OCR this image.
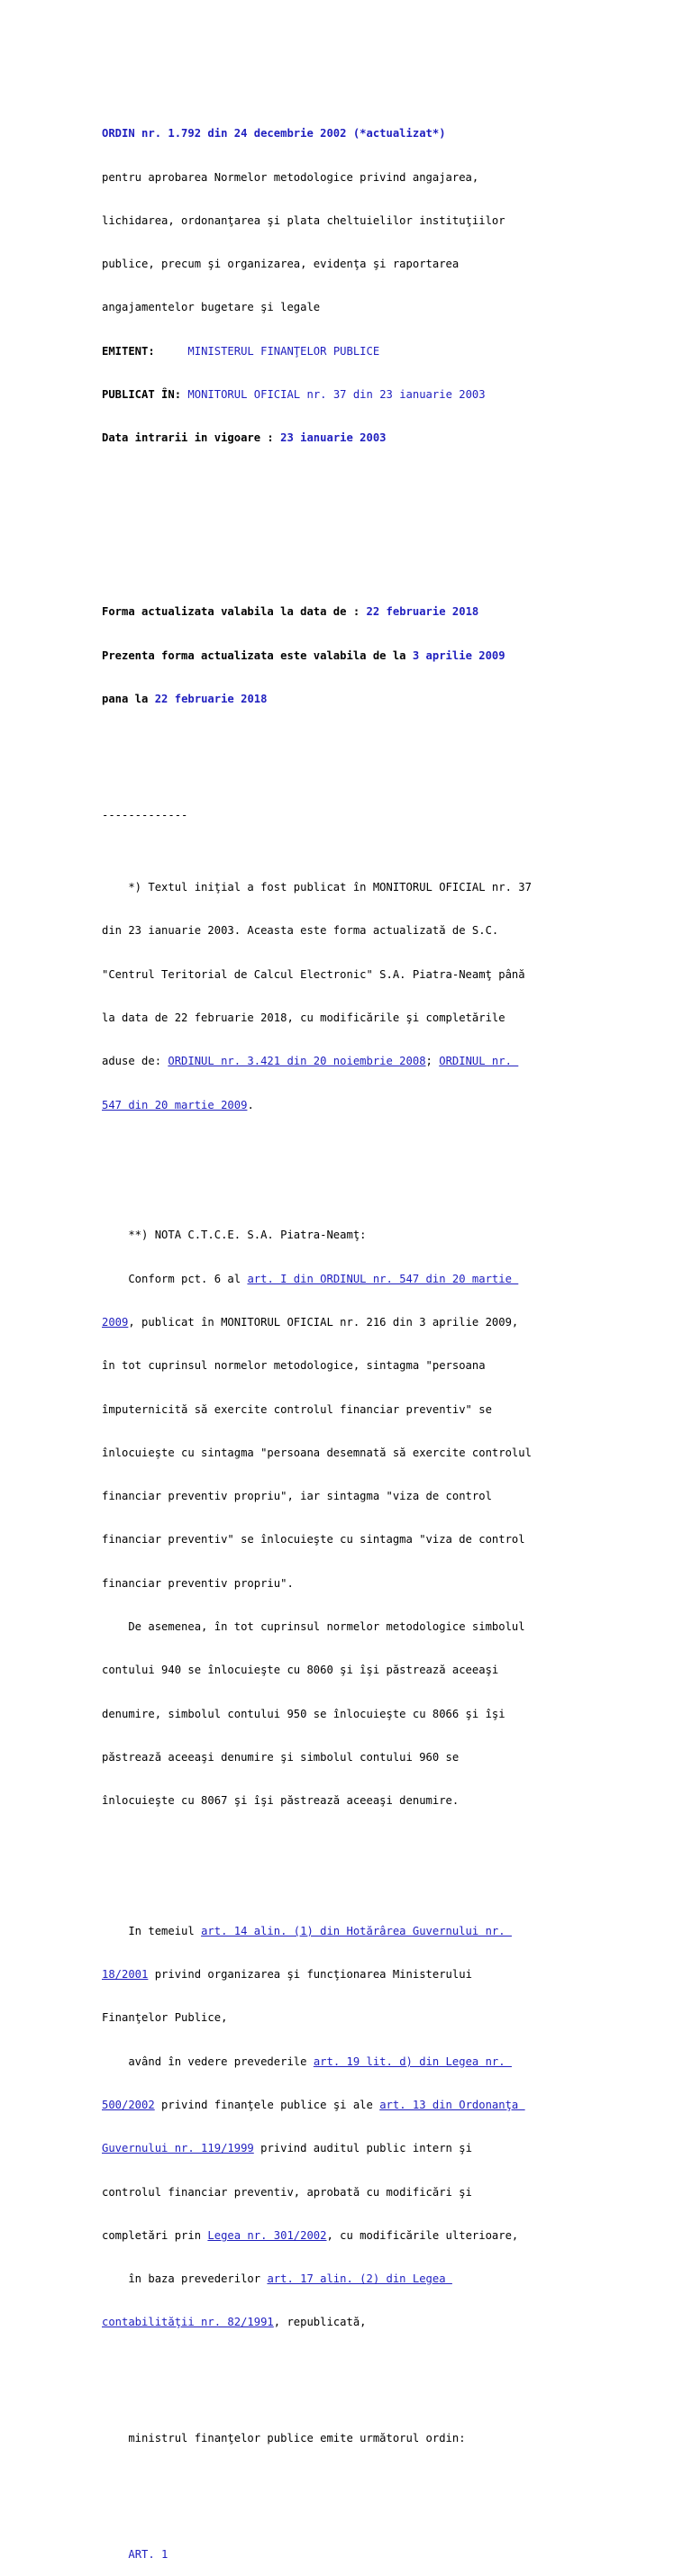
ORDIN nr. 1.792 din 24 decembrie 2002 (*actualizat*)

pentru aprobarea Normelor metodologice privind angajarea,

lichidarea, ordonanţarea şi plata cheltuielilor instituţiilor

publice, precum şi organizarea, evidenţa şi raportarea

angajamentelor bugetare şi legale

EMITENT:	MINISTERUL FINANŢELOR PUBLICE

PUBLICAT ÎN: MONITORUL OFICIAL nr. 37 din 23 ianuarie 2003

Data intrarii in vigoare : 23 ianuarie 2003

Forma actualizata valabila la data de : 22 februarie 2018

Prezenta forma actualizata este valabila de la 3 aprilie 2009

pana la 22 februarie 2018

-------------

*) Textul iniţial a fost publicat în MONITORUL OFICIAL nr. 37

din 23 ianuarie 2003. Aceasta este forma actualizată de S.C.

"Centrul Teritorial de Calcul Electronic" S.A. Piatra-Neamţ până

la data de 22 februarie 2018, cu modificările şi completările

aduse de: ORDINUL nr. 3.421 din 20 noiembrie 2008; ORDINUL nr.

547 din 20 martie 2009.

**) NOTA C.T.C.E. S.A. Piatra-Neamţ:

Conform pct. 6 al art. I din ORDINUL nr. 547 din 20 martie

2009, publicat în MONITORUL OFICIAL nr. 216 din 3 aprilie 2009,

în tot cuprinsul normelor metodologice, sintagma "persoana

împuternicită să exercite controlul financiar preventiv" se

înlocuieşte cu sintagma "persoana desemnată să exercite controlul

financiar preventiv propriu", iar sintagma "viza de control

financiar preventiv" se înlocuieşte cu sintagma "viza de control

financiar preventiv propriu".

De asemenea, în tot cuprinsul normelor metodologice simbolul

contului 940 se înlocuieşte cu 8060 şi îşi păstrează aceeaşi

denumire, simbolul contului 950 se înlocuieşte cu 8066 şi îşi

păstrează aceeaşi denumire şi simbolul contului 960 se

înlocuieşte cu 8067 şi îşi păstrează aceeaşi denumire.

In temeiul art. 14 alin. (1) din Hotărârea Guvernului nr.

18/2001 privind organizarea şi funcţionarea Ministerului

Finanţelor Publice,

având în vedere prevederile art. 19 lit. d) din Legea nr.

500/2002 privind finanţele publice şi ale art. 13 din Ordonanţa

Guvernului nr. 119/1999 privind auditul public intern şi

controlul financiar preventiv, aprobată cu modificări şi

completări prin Legea nr. 301/2002, cu modificările ulterioare,

în baza prevederilor art. 17 alin. (2) din Legea

contabilităţii nr. 82/1991, republicată,

ministrul finanţelor publice emite următorul ordin:

ART. 1
